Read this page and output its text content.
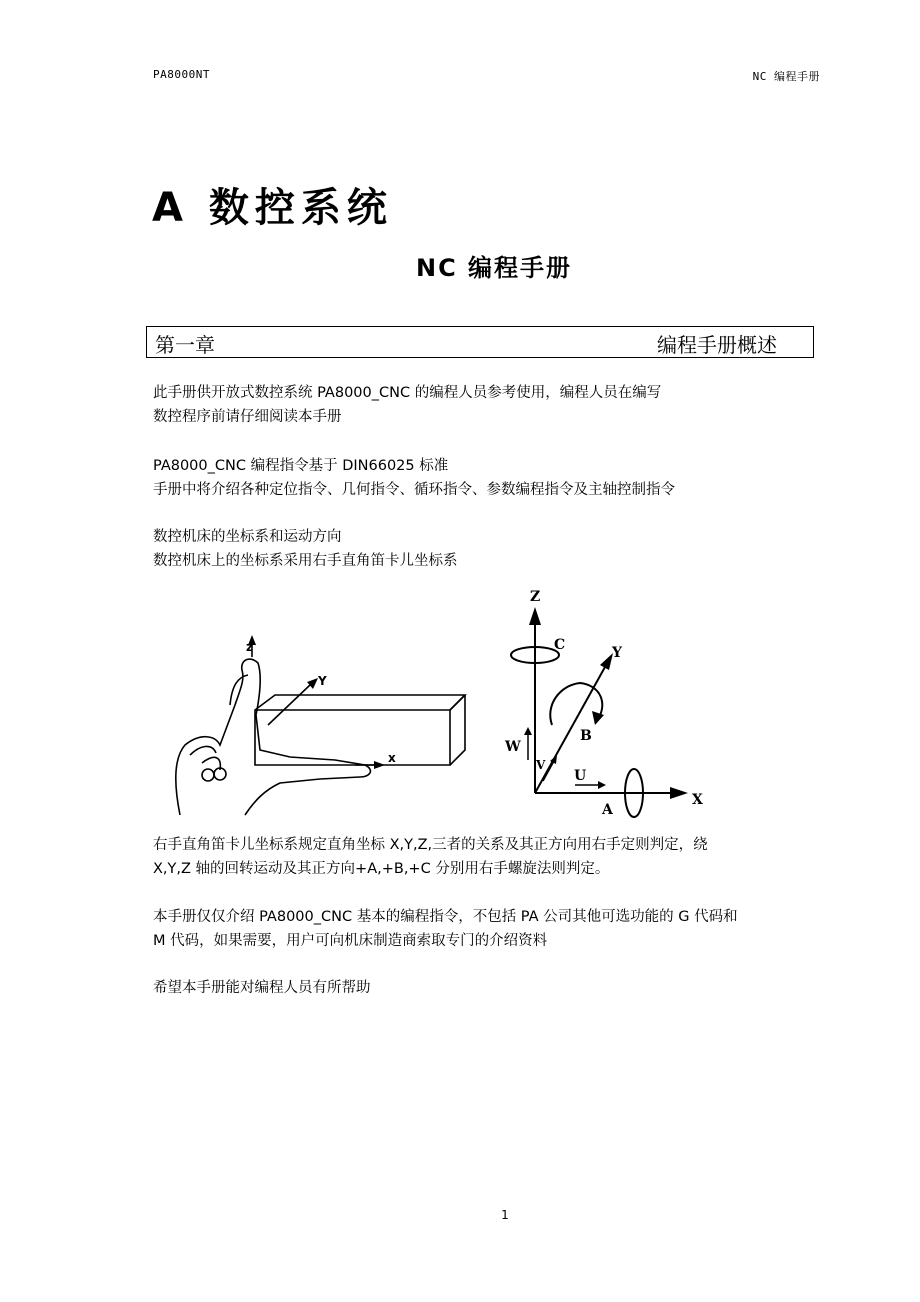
PA8000NT	NC 编程手册
A 数控系统
NC 编程手册
第一章	编程手册概述
此手册供开放式数控系统 PA8000_CNC 的编程人员参考使用，编程人员在编写
数控程序前请仔细阅读本手册
PA8000_CNC 编程指令基于 DIN66025 标准
手册中将介绍各种定位指令、几何指令、循环指令、参数编程指令及主轴控制指令
数控机床的坐标系和运动方向
数控机床上的坐标系采用右手直角笛卡儿坐标系
z
Y
x
Z
X
Y
C
B
A
W
V
U
右手直角笛卡儿坐标系规定直角坐标 X,Y,Z,三者的关系及其正方向用右手定则判定，绕
X,Y,Z 轴的回转运动及其正方向+A,+B,+C 分别用右手螺旋法则判定。
本手册仅仅介绍 PA8000_CNC 基本的编程指令，不包括 PA 公司其他可选功能的 G 代码和
M 代码，如果需要，用户可向机床制造商索取专门的介绍资料
希望本手册能对编程人员有所帮助
1
